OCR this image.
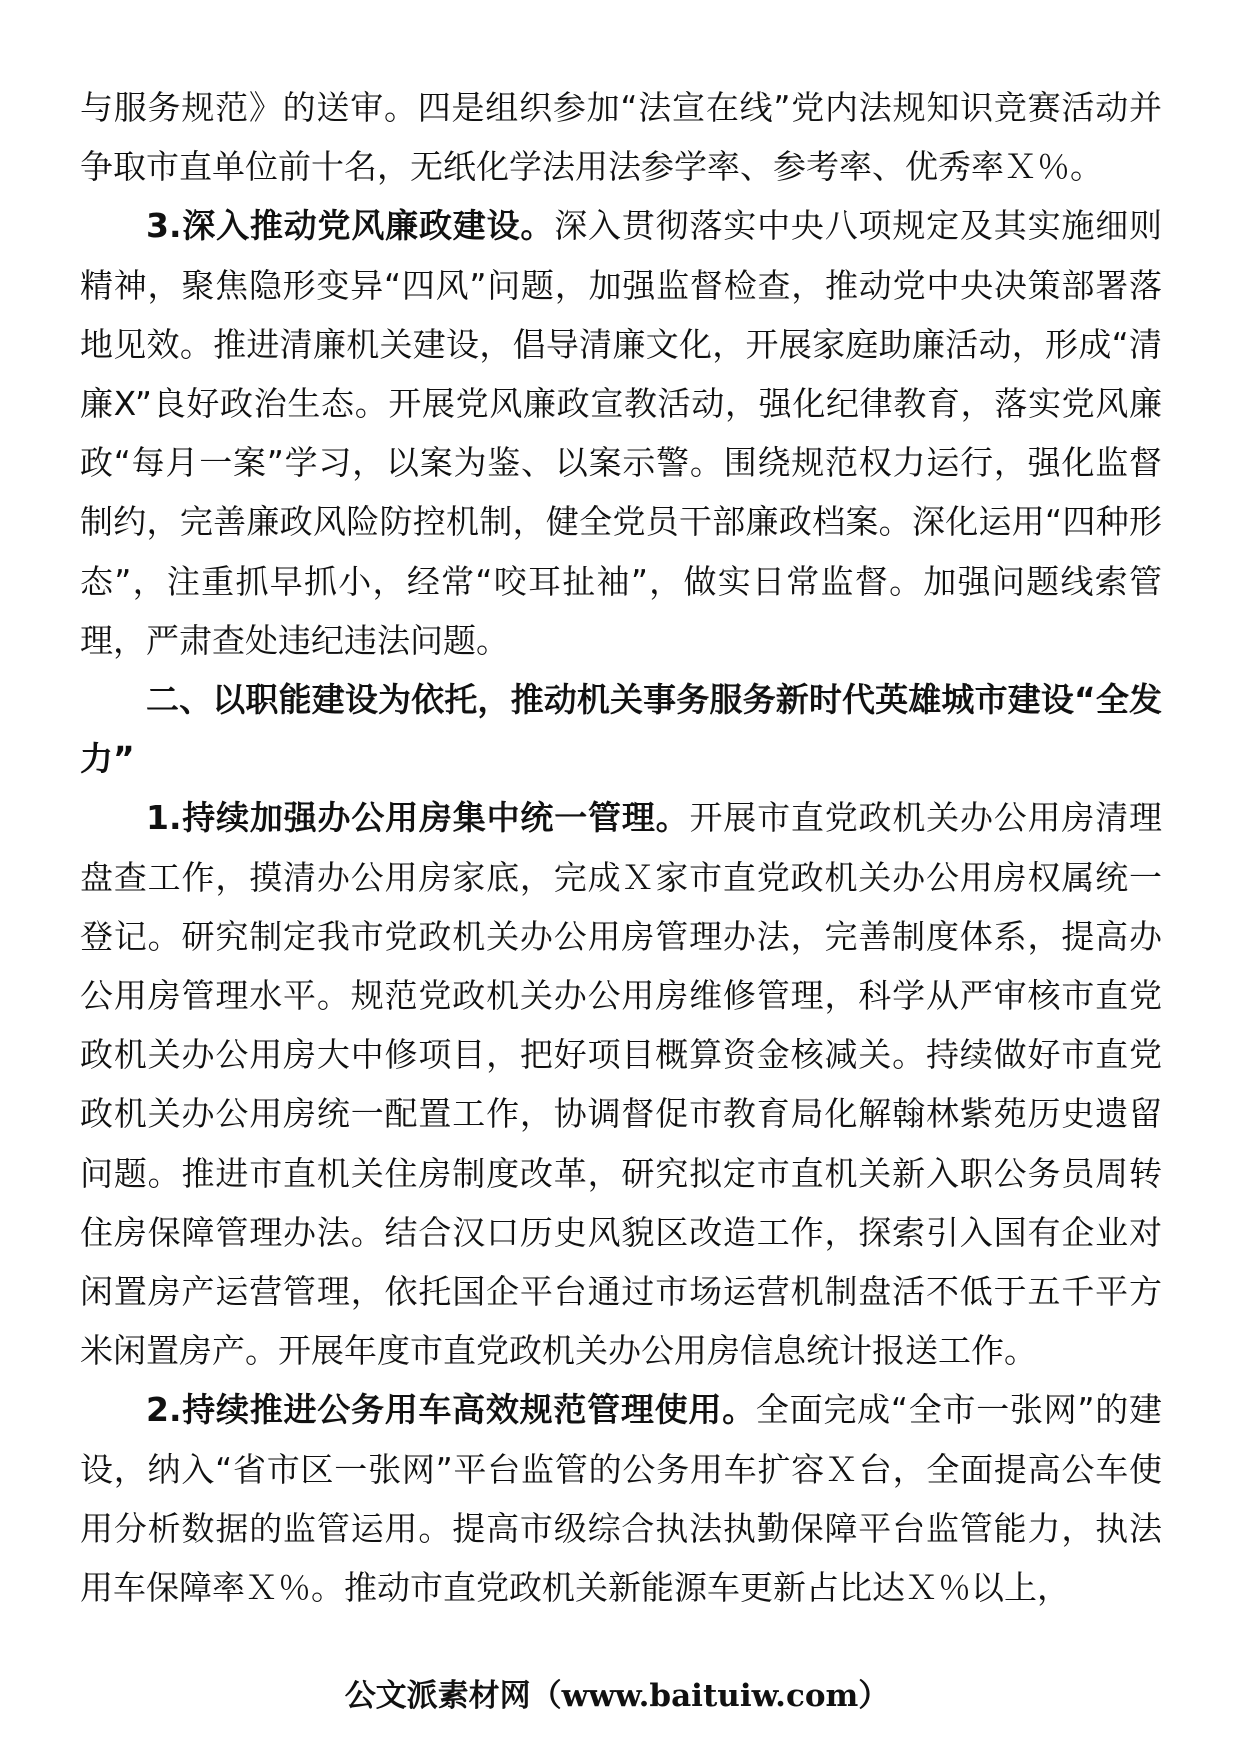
与服务规范》的送审。四是组织参加“法宣在线”党内法规知识竞赛活动并争取市直单位前十名，无纸化学法用法参学率、参考率、优秀率Ｘ％。

3.深入推动党风廉政建设。深入贯彻落实中央八项规定及其实施细则精神，聚焦隐形变异“四风”问题，加强监督检查，推动党中央决策部署落地见效。推进清廉机关建设，倡导清廉文化，开展家庭助廉活动，形成“清廉X”良好政治生态。开展党风廉政宣教活动，强化纪律教育，落实党风廉政“每月一案”学习，以案为鉴、以案示警。围绕规范权力运行，强化监督制约，完善廉政风险防控机制，健全党员干部廉政档案。深化运用“四种形态”，注重抓早抓小，经常“咬耳扯袖”，做实日常监督。加强问题线索管理，严肃查处违纪违法问题。

二、以职能建设为依托，推动机关事务服务新时代英雄城市建设“全发力”

1.持续加强办公用房集中统一管理。开展市直党政机关办公用房清理盘查工作，摸清办公用房家底，完成Ｘ家市直党政机关办公用房权属统一登记。研究制定我市党政机关办公用房管理办法，完善制度体系，提高办公用房管理水平。规范党政机关办公用房维修管理，科学从严审核市直党政机关办公用房大中修项目，把好项目概算资金核减关。持续做好市直党政机关办公用房统一配置工作，协调督促市教育局化解翰林紫苑历史遗留问题。推进市直机关住房制度改革，研究拟定市直机关新入职公务员周转住房保障管理办法。结合汉口历史风貌区改造工作，探索引入国有企业对闲置房产运营管理，依托国企平台通过市场运营机制盘活不低于五千平方米闲置房产。开展年度市直党政机关办公用房信息统计报送工作。

2.持续推进公务用车高效规范管理使用。全面完成“全市一张网”的建设，纳入“省市区一张网”平台监管的公务用车扩容Ｘ台，全面提高公车使用分析数据的监管运用。提高市级综合执法执勤保障平台监管能力，执法用车保障率Ｘ％。推动市直党政机关新能源车更新占比达Ｘ％以上，

公文派素材网（www.baituiw.com）
